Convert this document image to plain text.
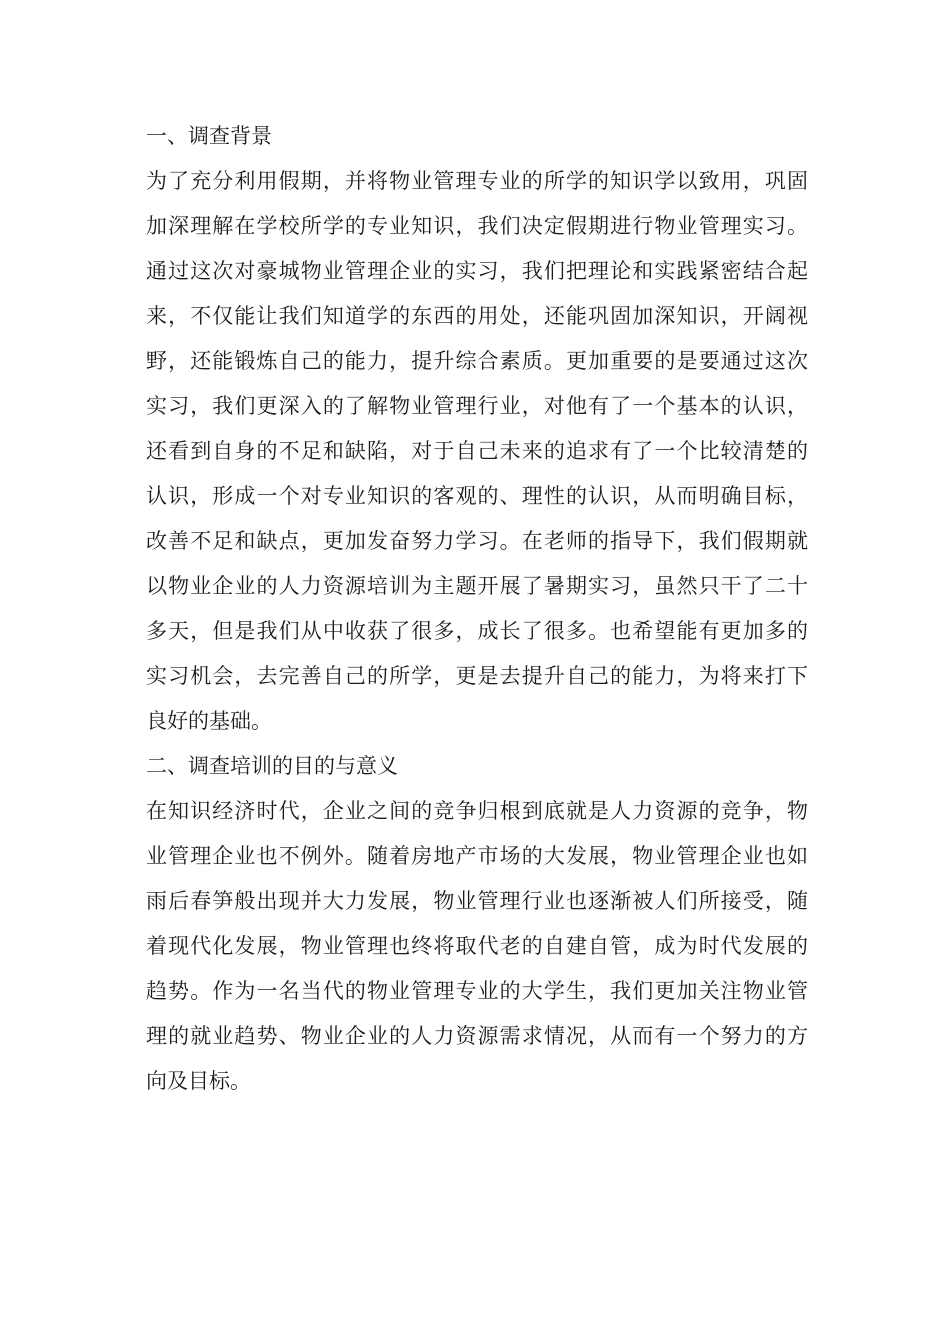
一、调查背景
为了充分利用假期，并将物业管理专业的所学的知识学以致用，巩固
加深理解在学校所学的专业知识，我们决定假期进行物业管理实习。
通过这次对豪城物业管理企业的实习，我们把理论和实践紧密结合起
来，不仅能让我们知道学的东西的用处，还能巩固加深知识，开阔视
野，还能锻炼自己的能力，提升综合素质。更加重要的是要通过这次
实习，我们更深入的了解物业管理行业，对他有了一个基本的认识，
还看到自身的不足和缺陷，对于自己未来的追求有了一个比较清楚的
认识，形成一个对专业知识的客观的、理性的认识，从而明确目标，
改善不足和缺点，更加发奋努力学习。在老师的指导下，我们假期就
以物业企业的人力资源培训为主题开展了暑期实习，虽然只干了二十
多天，但是我们从中收获了很多，成长了很多。也希望能有更加多的
实习机会，去完善自己的所学，更是去提升自己的能力，为将来打下
良好的基础。
二、调查培训的目的与意义
在知识经济时代，企业之间的竞争归根到底就是人力资源的竞争，物
业管理企业也不例外。随着房地产市场的大发展，物业管理企业也如
雨后春笋般出现并大力发展，物业管理行业也逐渐被人们所接受，随
着现代化发展，物业管理也终将取代老的自建自管，成为时代发展的
趋势。作为一名当代的物业管理专业的大学生，我们更加关注物业管
理的就业趋势、物业企业的人力资源需求情况，从而有一个努力的方
向及目标。
